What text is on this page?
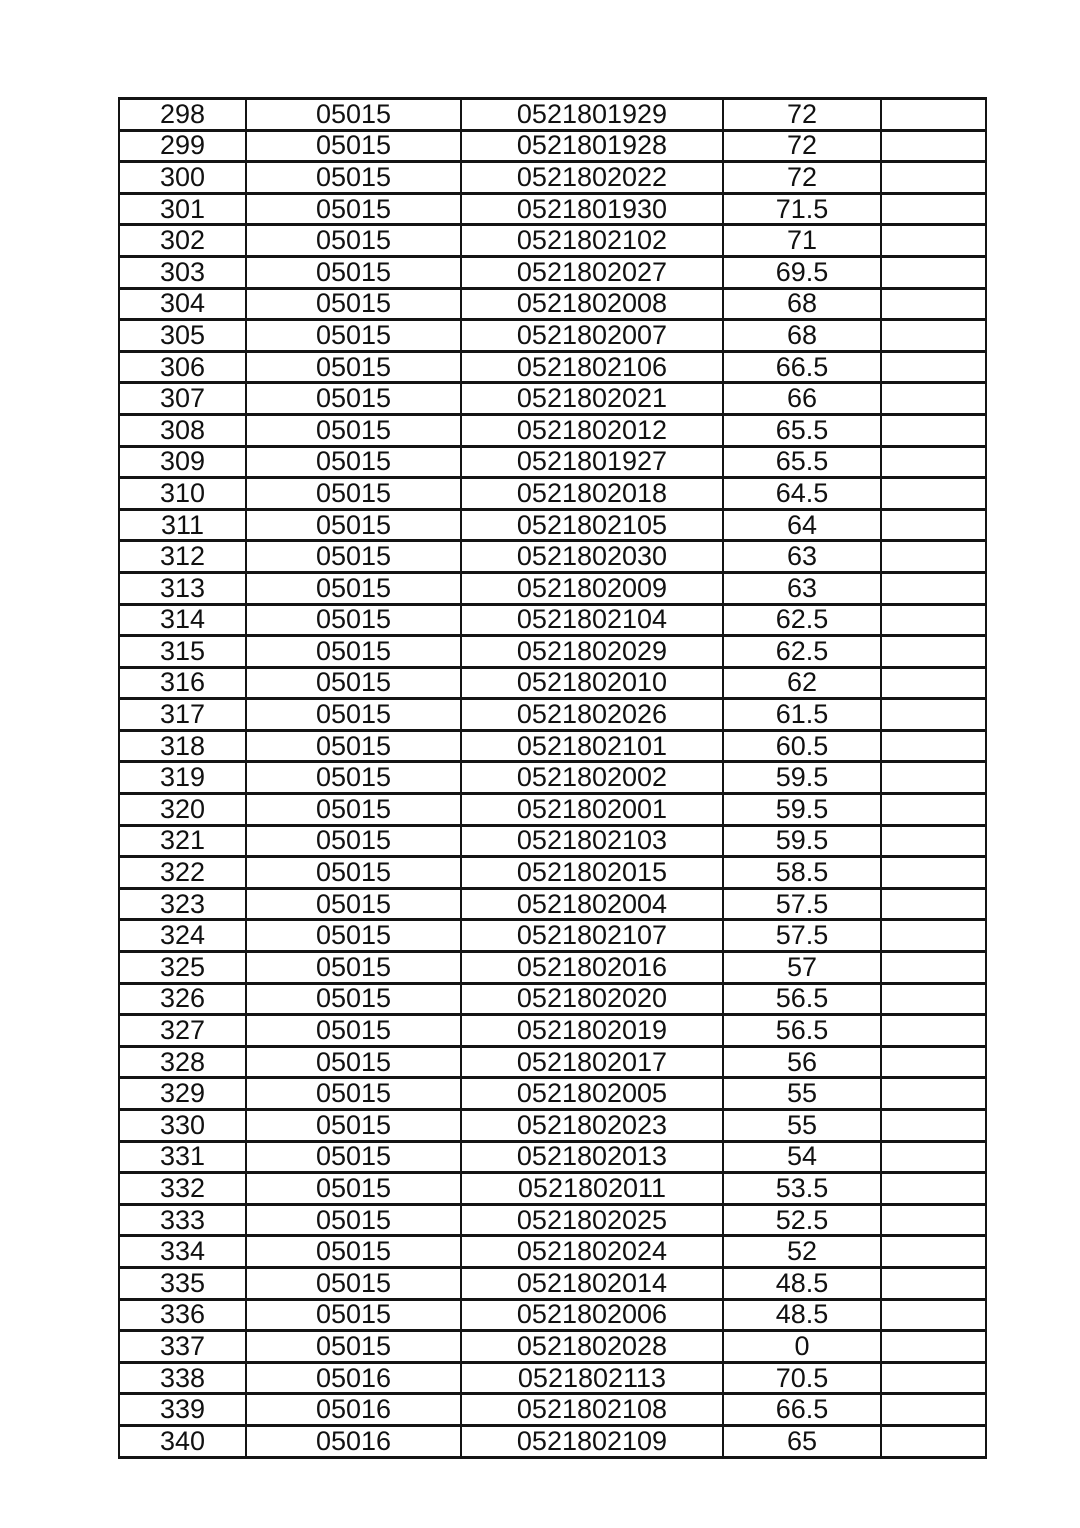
298	05015	0521801929	72	
299	05015	0521801928	72	
300	05015	0521802022	72	
301	05015	0521801930	71.5	
302	05015	0521802102	71	
303	05015	0521802027	69.5	
304	05015	0521802008	68	
305	05015	0521802007	68	
306	05015	0521802106	66.5	
307	05015	0521802021	66	
308	05015	0521802012	65.5	
309	05015	0521801927	65.5	
310	05015	0521802018	64.5	
311	05015	0521802105	64	
312	05015	0521802030	63	
313	05015	0521802009	63	
314	05015	0521802104	62.5	
315	05015	0521802029	62.5	
316	05015	0521802010	62	
317	05015	0521802026	61.5	
318	05015	0521802101	60.5	
319	05015	0521802002	59.5	
320	05015	0521802001	59.5	
321	05015	0521802103	59.5	
322	05015	0521802015	58.5	
323	05015	0521802004	57.5	
324	05015	0521802107	57.5	
325	05015	0521802016	57	
326	05015	0521802020	56.5	
327	05015	0521802019	56.5	
328	05015	0521802017	56	
329	05015	0521802005	55	
330	05015	0521802023	55	
331	05015	0521802013	54	
332	05015	0521802011	53.5	
333	05015	0521802025	52.5	
334	05015	0521802024	52	
335	05015	0521802014	48.5	
336	05015	0521802006	48.5	
337	05015	0521802028	0	
338	05016	0521802113	70.5	
339	05016	0521802108	66.5	
340	05016	0521802109	65	
